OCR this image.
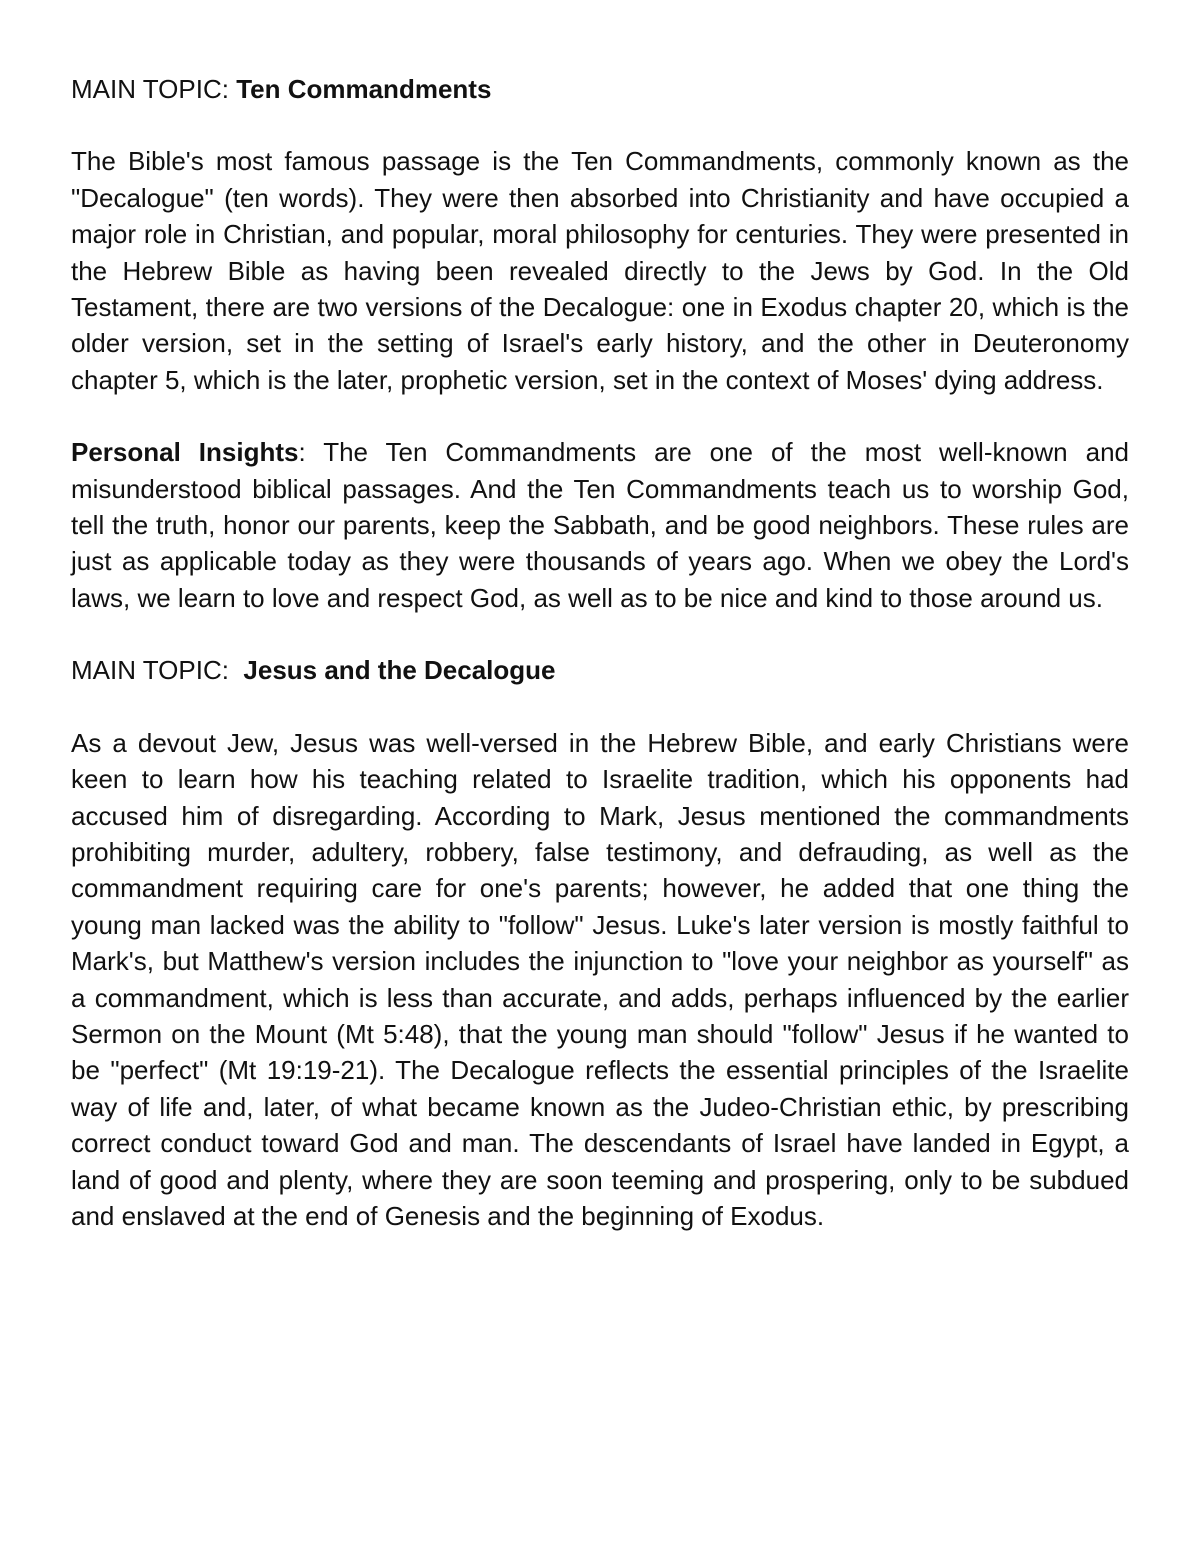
MAIN TOPIC: Ten Commandments

The Bible's most famous passage is the Ten Commandments, commonly known as the "Decalogue" (ten words). They were then absorbed into Christianity and have occupied a major role in Christian, and popular, moral philosophy for centuries. They were presented in the Hebrew Bible as having been revealed directly to the Jews by God. In the Old Testament, there are two versions of the Decalogue: one in Exodus chapter 20, which is the older version, set in the setting of Israel's early history, and the other in Deuteronomy chapter 5, which is the later, prophetic version, set in the context of Moses' dying address.

Personal Insights: The Ten Commandments are one of the most well-known and misunderstood biblical passages. And the Ten Commandments teach us to worship God, tell the truth, honor our parents, keep the Sabbath, and be good neighbors. These rules are just as applicable today as they were thousands of years ago. When we obey the Lord's laws, we learn to love and respect God, as well as to be nice and kind to those around us.

MAIN TOPIC:  Jesus and the Decalogue

As a devout Jew, Jesus was well-versed in the Hebrew Bible, and early Christians were keen to learn how his teaching related to Israelite tradition, which his opponents had accused him of disregarding. According to Mark, Jesus mentioned the commandments prohibiting murder, adultery, robbery, false testimony, and defrauding, as well as the commandment requiring care for one's parents; however, he added that one thing the young man lacked was the ability to "follow" Jesus. Luke's later version is mostly faithful to Mark's, but Matthew's version includes the injunction to "love your neighbor as yourself" as a commandment, which is less than accurate, and adds, perhaps influenced by the earlier Sermon on the Mount (Mt 5:48), that the young man should "follow" Jesus if he wanted to be "perfect" (Mt 19:19-21). The Decalogue reflects the essential principles of the Israelite way of life and, later, of what became known as the Judeo-Christian ethic, by prescribing correct conduct toward God and man. The descendants of Israel have landed in Egypt, a land of good and plenty, where they are soon teeming and prospering, only to be subdued and enslaved at the end of Genesis and the beginning of Exodus.
